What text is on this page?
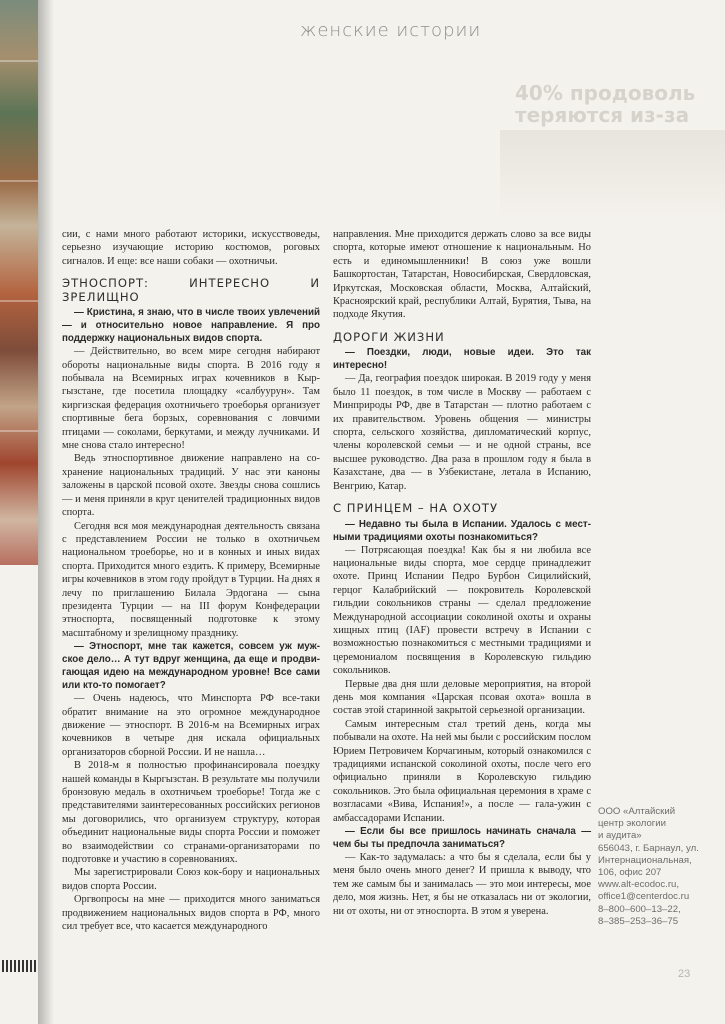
женские истории
40% продоволь
теряются из-за

сии, с нами много работают историки, искусствоведы, серьезно изучающие историю костюмов, роговых сигналов. И еще: все наши собаки — охотничьи.

ЭТНОСПОРТ: ИНТЕРЕСНО И ЗРЕЛИЩНО

— Кристина, я знаю, что в числе твоих увлечений — и относительно новое направление. Я про поддержку национальных видов спорта.

— Действительно, во всем мире сегодня набирают обороты национальные виды спорта. В 2016 году я побывала на Всемирных играх кочевников в Кыргызстане, где посетила площадку «салбуурун». Там киргизская федерация охотничьего троеборья организует спортивные бега борзых, соревнования с ловчими птицами — соколами, беркутами, и между лучниками. И мне снова стало интересно!

Ведь этноспортивное движение направлено на сохранение национальных традиций. У нас эти каноны заложены в царской псовой охоте. Звезды снова сошлись — и меня приняли в круг ценителей традиционных видов спорта.

Сегодня вся моя международная деятельность связана с представлением России не только в охотничьем национальном троеборье, но и в конных и иных видах спорта. Приходится много ездить. К примеру, Всемирные игры кочевников в этом году пройдут в Турции. На днях я лечу по приглашению Билала Эрдогана — сына президента Турции — на III форум Конфедерации этноспорта, посвященный подготовке к этому масштабному и зрелищному празднику.

— Этноспорт, мне так кажется, совсем уж мужское дело… А тут вдруг женщина, да еще и продвигающая идею на международном уровне! Все сами или кто-то помогает?

— Очень надеюсь, что Минспорта РФ все-таки обратит внимание на это огромное международное движение — этноспорт. В 2016-м на Всемирных играх кочевников в четыре дня искала официальных организаторов сборной России. И не нашла…

В 2018-м я полностью профинансировала поездку нашей команды в Кыргызстан. В результате мы получили бронзовую медаль в охотничьем троеборье! Тогда же с представителями заинтересованных российских регионов мы договорились, что организуем структуру, которая объединит национальные виды спорта России и поможет во взаимодействии со странами-организаторами по подготовке и участию в соревнованиях.

Мы зарегистрировали Союз кок-бору и национальных видов спорта России.

Оргвопросы на мне — приходится много заниматься продвижением национальных видов спорта в РФ, много сил требует все, что касается международного

направления. Мне приходится держать слово за все виды спорта, которые имеют отношение к национальным. Но есть и единомышленники! В союз уже вошли Башкортостан, Татарстан, Новосибирская, Свердловская, Иркутская, Московская области, Москва, Алтайский, Красноярский край, республики Алтай, Бурятия, Тыва, на подходе Якутия.

ДОРОГИ ЖИЗНИ

— Поездки, люди, новые идеи. Это так интересно!

— Да, география поездок широкая. В 2019 году у меня было 11 поездок, в том числе в Москву — работаем с Минприроды РФ, две в Татарстан — плотно работаем с их правительством. Уровень общения — министры спорта, сельского хозяйства, дипломатический корпус, члены королевской семьи — и не одной страны, все высшее руководство. Два раза в прошлом году я была в Казахстане, два — в Узбекистане, летала в Испанию, Венгрию, Катар.

С ПРИНЦЕМ – НА ОХОТУ

— Недавно ты была в Испании. Удалось с местными традициями охоты познакомиться?

— Потрясающая поездка! Как бы я ни любила все национальные виды спорта, мое сердце принадлежит охоте. Принц Испании Педро Бурбон Сицилийский, герцог Калабрийский — покровитель Королевской гильдии сокольников страны — сделал предложение Международной ассоциации соколиной охоты и охраны хищных птиц (IAF) провести встречу в Испании с возможностью познакомиться с местными традициями и церемониалом посвящения в Королевскую гильдию сокольников.

Первые два дня шли деловые мероприятия, на второй день моя компания «Царская псовая охота» вошла в состав этой старинной закрытой серьезной организации.

Самым интересным стал третий день, когда мы побывали на охоте. На ней мы были с российским послом Юрием Петровичем Корчагиным, который ознакомился с традициями испанской соколиной охоты, после чего его официально приняли в Королевскую гильдию сокольников. Это была официальная церемония в храме с возгласами «Вива, Испания!», а после — гала-ужин с амбассадорами Испании.

— Если бы все пришлось начинать сначала — чем бы ты предпочла заниматься?

— Как-то задумалась: а что бы я сделала, если бы у меня было очень много денег? И пришла к выводу, что тем же самым бы и занималась — это мои интересы, мое дело, моя жизнь. Нет, я бы не отказалась ни от экологии, ни от охоты, ни от этноспорта. В этом я уверена.

ООО «Алтайский
центр экологии
и аудита»
656043, г. Барнаул, ул.
Интернациональная,
106, офис 207
www.alt-ecodoc.ru,
office1@centerdoc.ru
8–800–600–13–22,
8–385–253–36–75
23
